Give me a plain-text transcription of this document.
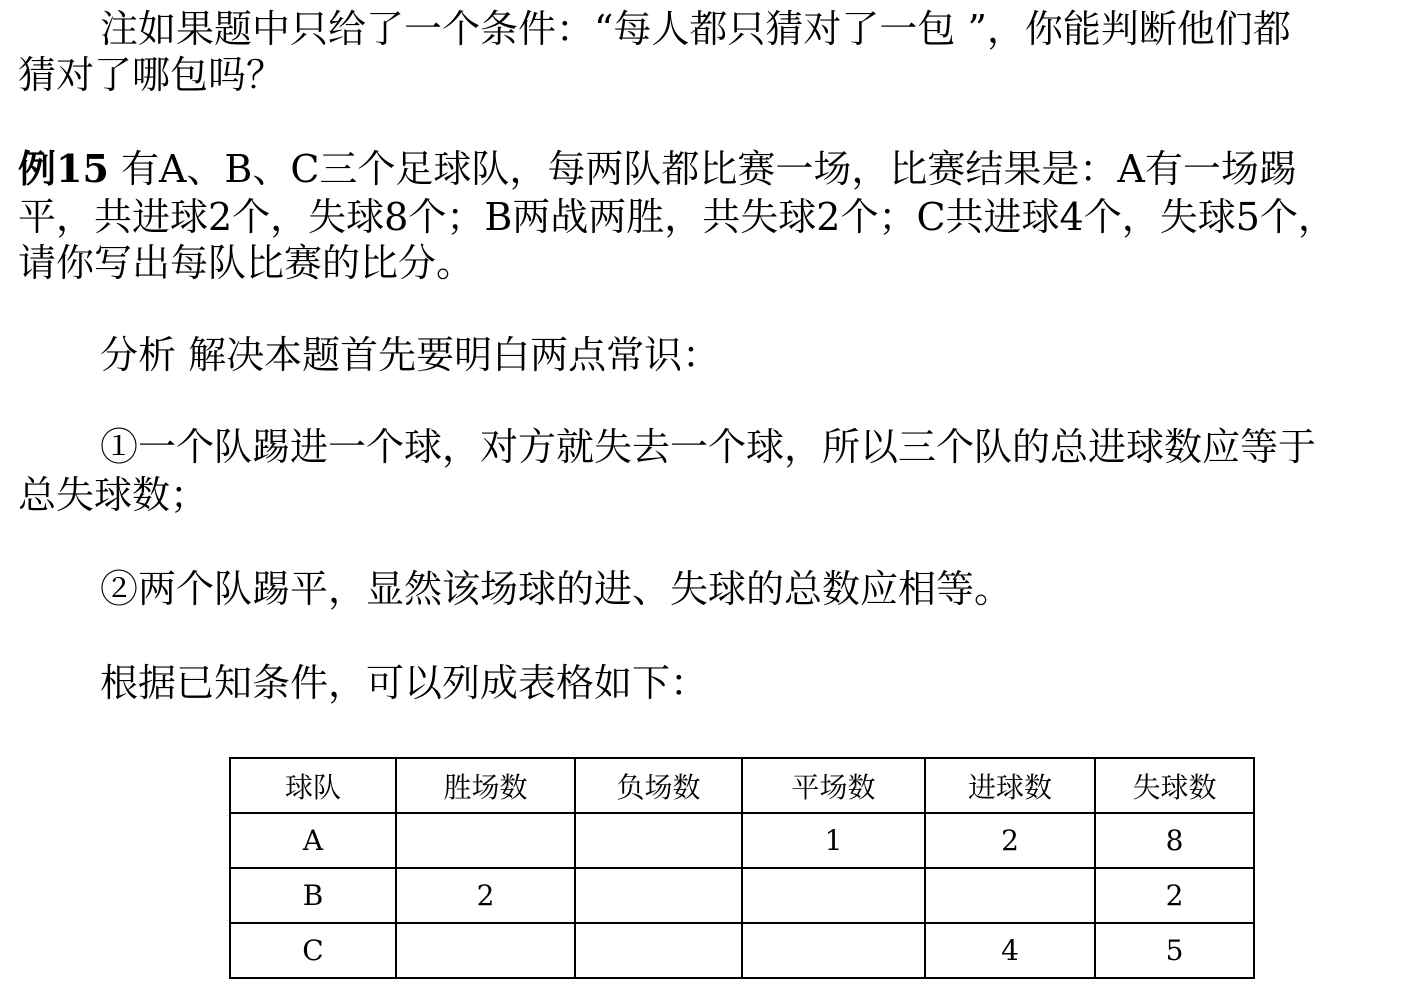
注如果题中只给了一个条件：“每人都只猜对了一包 ”，你能判断他们都
猜对了哪包吗？
例15 有A、B、C三个足球队，每两队都比赛一场，比赛结果是：A有一场踢
平，共进球2个，失球8个；B两战两胜，共失球2个；C共进球4个，失球5个，
请你写出每队比赛的比分。
分析 解决本题首先要明白两点常识：
①一个队踢进一个球，对方就失去一个球，所以三个队的总进球数应等于
总失球数；
②两个队踢平，显然该场球的进、失球的总数应相等。
根据已知条件，可以列成表格如下：
球队	胜场数	负场数	平场数	进球数	失球数
A			1	2	8
B	2				2
C				4	5
